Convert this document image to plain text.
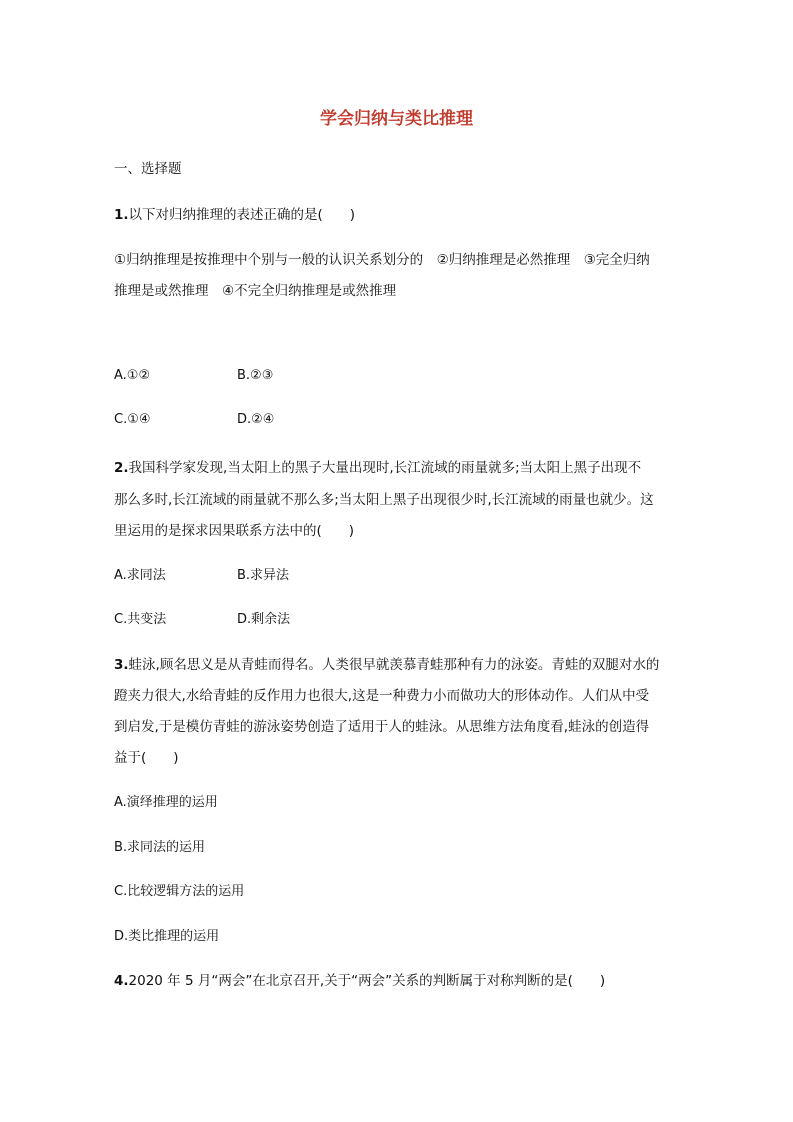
学会归纳与类比推理
一、选择题
1.以下对归纳推理的表述正确的是(　　)
①归纳推理是按推理中个别与一般的认识关系划分的　②归纳推理是必然推理　③完全归纳
推理是或然推理　④不完全归纳推理是或然推理
A.①②	B.②③
C.①④	D.②④
2.我国科学家发现,当太阳上的黑子大量出现时,长江流域的雨量就多;当太阳上黑子出现不
那么多时,长江流域的雨量就不那么多;当太阳上黑子出现很少时,长江流域的雨量也就少。这
里运用的是探求因果联系方法中的(　　)
A.求同法	B.求异法
C.共变法	D.剩余法
3.蛙泳,顾名思义是从青蛙而得名。人类很早就羡慕青蛙那种有力的泳姿。青蛙的双腿对水的
蹬夹力很大,水给青蛙的反作用力也很大,这是一种费力小而做功大的形体动作。人们从中受
到启发,于是模仿青蛙的游泳姿势创造了适用于人的蛙泳。从思维方法角度看,蛙泳的创造得
益于(　　)
A.演绎推理的运用
B.求同法的运用
C.比较逻辑方法的运用
D.类比推理的运用
4.2020 年 5 月“两会”在北京召开,关于“两会”关系的判断属于对称判断的是(　　)
